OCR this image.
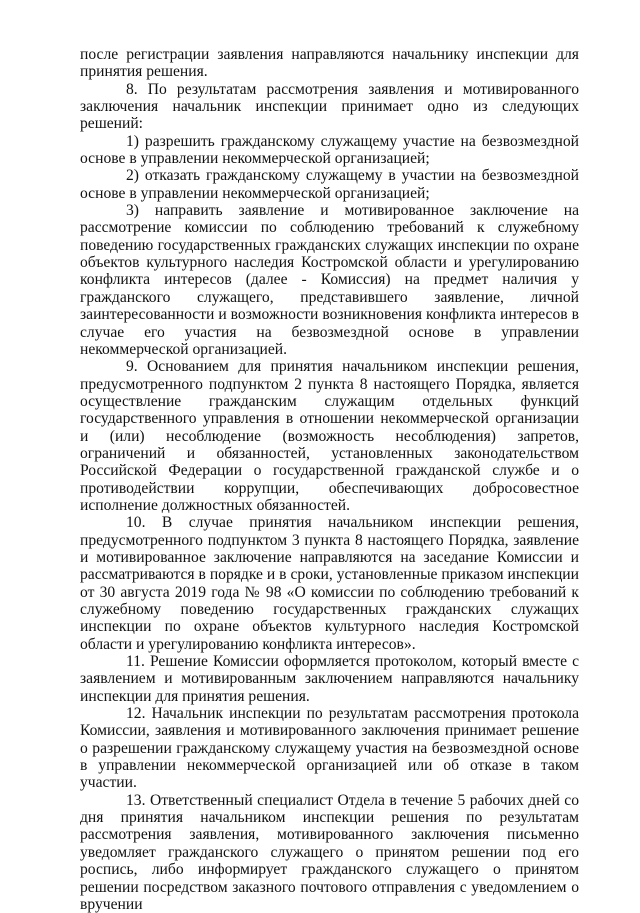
после регистрации заявления направляются начальнику инспекции для принятия решения.

8. По результатам рассмотрения заявления и мотивированного заключения начальник инспекции принимает одно из следующих решений:

1) разрешить гражданскому служащему участие на безвозмездной основе в управлении некоммерческой организацией;

2) отказать гражданскому служащему в участии на безвозмездной основе в управлении некоммерческой организацией;

3) направить заявление и мотивированное заключение на рассмотрение комиссии по соблюдению требований к служебному поведению государственных гражданских служащих инспекции по охране объектов культурного наследия Костромской области и урегулированию конфликта интересов (далее - Комиссия) на предмет наличия у гражданского служащего, представившего заявление, личной заинтересованности и возможности возникновения конфликта интересов в случае его участия на безвозмездной основе в управлении некоммерческой организацией.

9. Основанием для принятия начальником инспекции решения, предусмотренного подпунктом 2 пункта 8 настоящего Порядка, является осуществление гражданским служащим отдельных функций государственного управления в отношении некоммерческой организации и (или) несоблюдение (возможность несоблюдения) запретов, ограничений и обязанностей, установленных законодательством Российской Федерации о государственной гражданской службе и о противодействии коррупции, обеспечивающих добросовестное исполнение должностных обязанностей.

10. В случае принятия начальником инспекции решения, предусмотренного подпунктом 3 пункта 8 настоящего Порядка, заявление и мотивированное заключение направляются на заседание Комиссии и рассматриваются в порядке и в сроки, установленные приказом инспекции от 30 августа 2019 года № 98 «О комиссии по соблюдению требований к служебному поведению государственных гражданских служащих инспекции по охране объектов культурного наследия Костромской области и урегулированию конфликта интересов».

11. Решение Комиссии оформляется протоколом, который вместе с заявлением и мотивированным заключением направляются начальнику инспекции для принятия решения.

12. Начальник инспекции по результатам рассмотрения протокола Комиссии, заявления и мотивированного заключения принимает решение о разрешении гражданскому служащему участия на безвозмездной основе в управлении некоммерческой организацией или об отказе в таком участии.

13. Ответственный специалист Отдела в течение 5 рабочих дней со дня принятия начальником инспекции решения по результатам рассмотрения заявления, мотивированного заключения письменно уведомляет гражданского служащего о принятом решении под его роспись, либо информирует гражданского служащего о принятом решении посредством заказного почтового отправления с уведомлением о вручении
